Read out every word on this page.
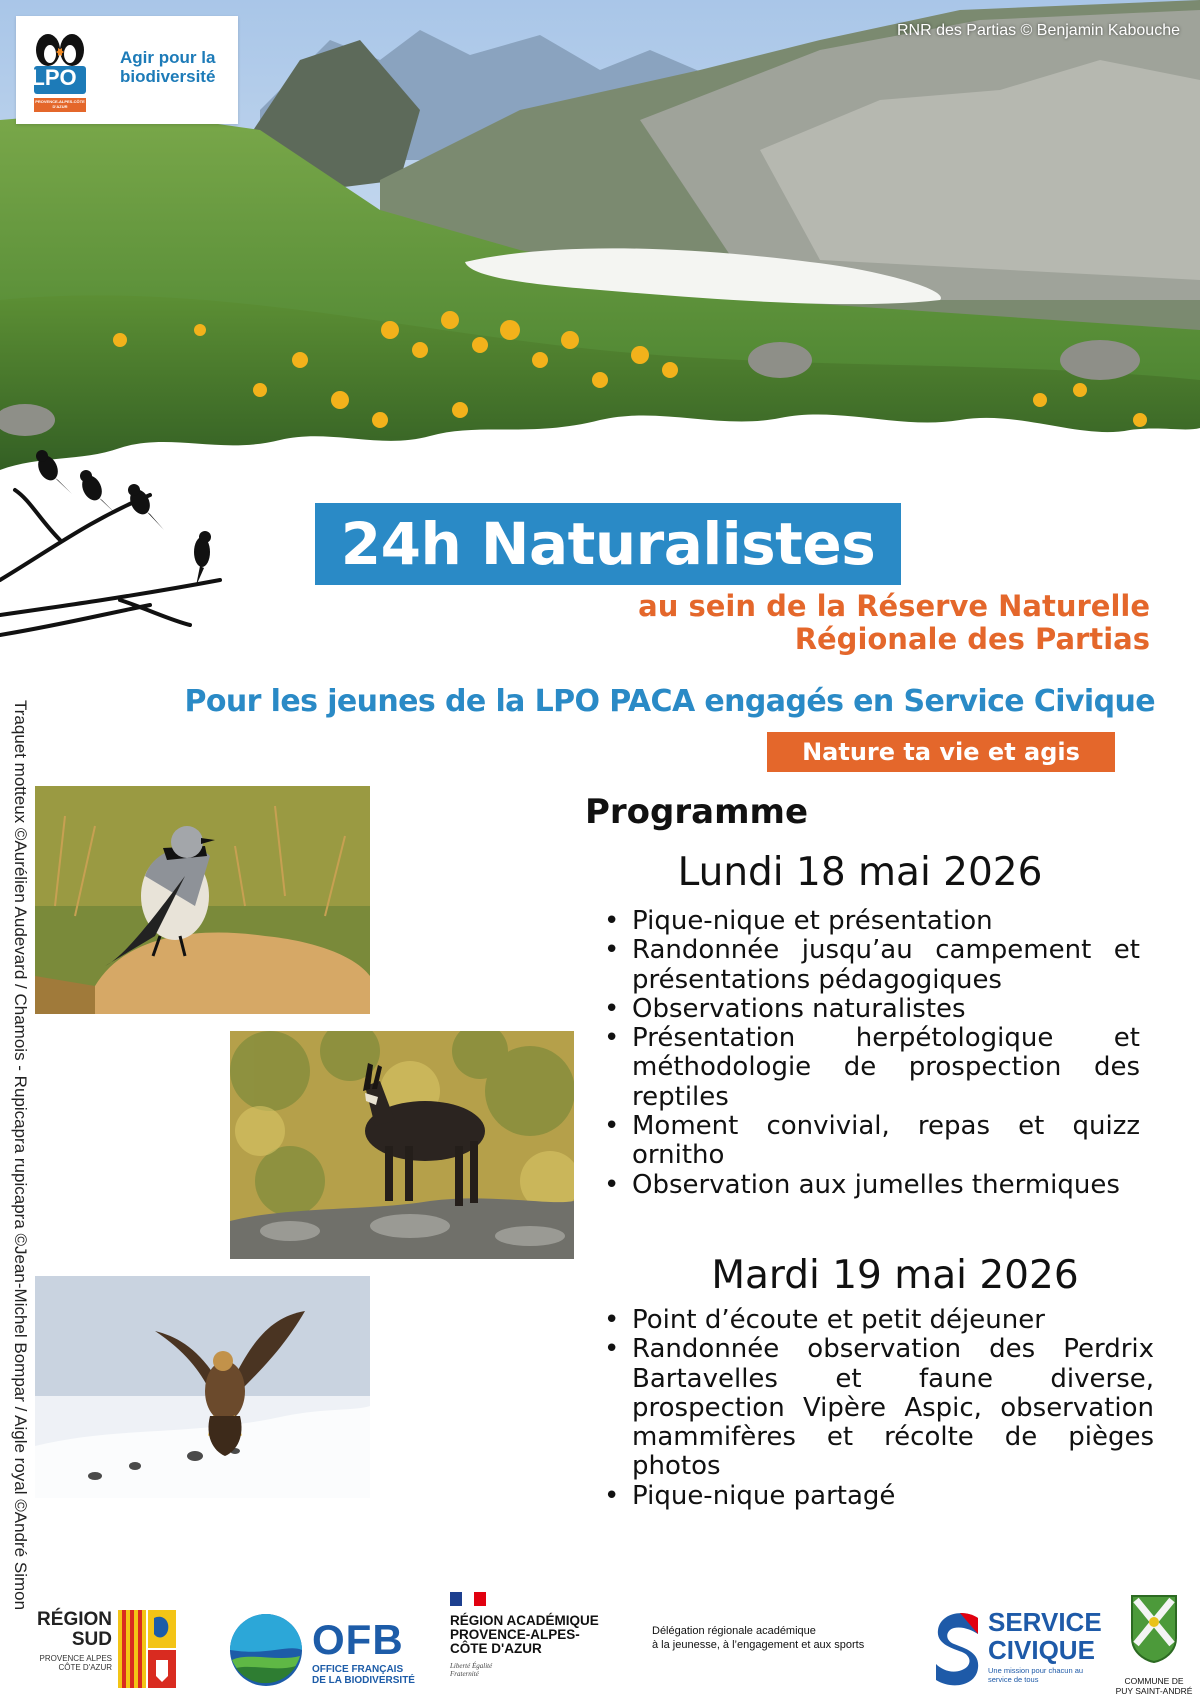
LPO
PROVENCE-ALPES-CÔTE D'AZUR
Agir pour la biodiversité
RNR des Partias © Benjamin Kabouche
24h Naturalistes
au sein de la Réserve Naturelle
Régionale des Partias
Pour les jeunes de la LPO PACA engagés en Service Civique
Nature ta vie et agis
Traquet motteux ©Aurélien Audevard / Chamois - Rupicapra rupicapra ©Jean-Michel Bompar / Aigle royal ©André Simon	Programme
Lundi 18 mai 2026
• Pique-nique et présentation
• Randonnée jusqu’au campement et présentations pédagogiques
• Observations naturalistes
• Présentation herpétologique et méthodologie de prospection des reptiles
• Moment convivial, repas et quizz ornitho
• Observation aux jumelles thermiques
Mardi 19 mai 2026
• Point d’écoute et petit déjeuner
• Randonnée observation des Perdrix Bartavelles et faune diverse, prospection Vipère Aspic, observation mammifères et récolte de pièges photos
• Pique-nique partagé
RÉGION
SUD
PROVENCE ALPES CÔTE D'AZUR
OFB
OFFICE FRANÇAIS
DE LA BIODIVERSITÉ
RÉGION ACADÉMIQUE
PROVENCE-ALPES-
CÔTE D'AZUR
Liberté Égalité Fraternité
Délégation régionale académique
à la jeunesse, à l’engagement et aux sports
SERVICE
CIVIQUE
Une mission pour chacun au service de tous	COMMUNE DE
PUY SAINT-ANDRÉ
